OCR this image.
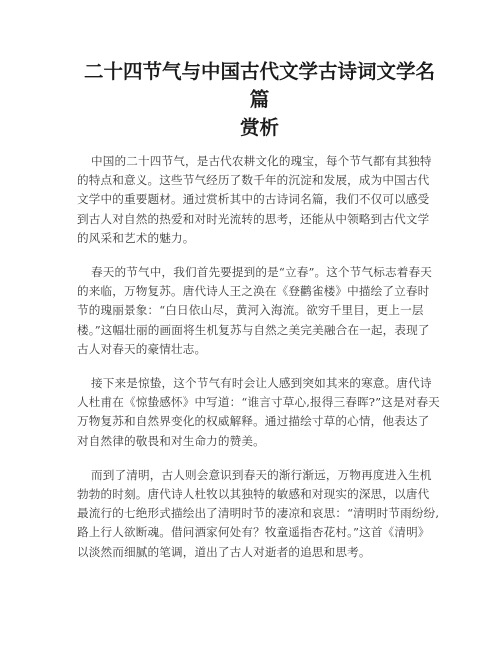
二十四节气与中国古代文学古诗词文学名篇
赏析
中国的二十四节气，是古代农耕文化的瑰宝，每个节气都有其独特
的特点和意义。这些节气经历了数千年的沉淀和发展，成为中国古代
文学中的重要题材。通过赏析其中的古诗词名篇，我们不仅可以感受
到古人对自然的热爱和对时光流转的思考，还能从中领略到古代文学
的风采和艺术的魅力。
春天的节气中，我们首先要提到的是“立春”。这个节气标志着春天
的来临，万物复苏。唐代诗人王之涣在《登鹳雀楼》中描绘了立春时
节的瑰丽景象：“白日依山尽，黄河入海流。欲穷千里目，更上一层
楼。”这幅壮丽的画面将生机复苏与自然之美完美融合在一起，表现了
古人对春天的豪情壮志。
接下来是惊蛰，这个节气有时会让人感到突如其来的寒意。唐代诗
人杜甫在《惊蛰感怀》中写道：“谁言寸草心,报得三春晖?”这是对春天
万物复苏和自然界变化的权威解释。通过描绘寸草的心情，他表达了
对自然律的敬畏和对生命力的赞美。
而到了清明，古人则会意识到春天的渐行渐远，万物再度进入生机
勃勃的时刻。唐代诗人杜牧以其独特的敏感和对现实的深思，以唐代
最流行的七绝形式描绘出了清明时节的凄凉和哀思：“清明时节雨纷纷,
路上行人欲断魂。借问酒家何处有？牧童遥指杏花村。”这首《清明》
以淡然而细腻的笔调，道出了古人对逝者的追思和思考。
